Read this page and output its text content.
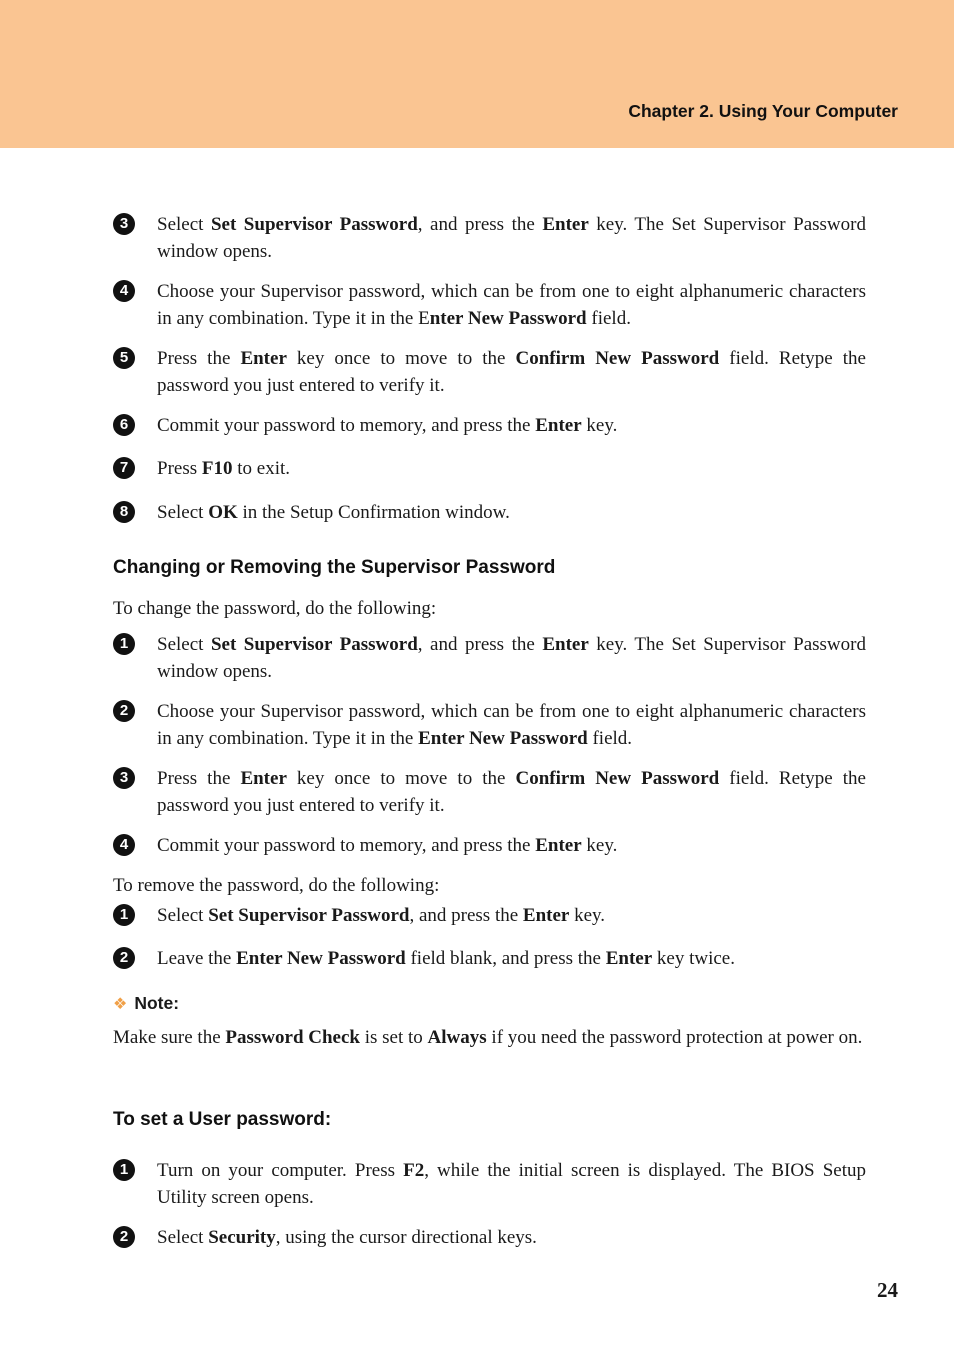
Chapter 2. Using Your Computer
3	Select Set Supervisor Password, and press the Enter key. The Set Supervisor Password window opens.
4	Choose your Supervisor password, which can be from one to eight alphanumeric characters in any combination. Type it in the Enter New Password field.
5	Press the Enter key once to move to the Confirm New Password field. Retype the password you just entered to verify it.
6	Commit your password to memory, and press the Enter key.
7	Press F10 to exit.
8	Select OK in the Setup Confirmation window.
Changing or Removing the Supervisor Password
To change the password, do the following:
1	Select Set Supervisor Password, and press the Enter key. The Set Supervisor Password window opens.
2	Choose your Supervisor password, which can be from one to eight alphanumeric characters in any combination. Type it in the Enter New Password field.
3	Press the Enter key once to move to the Confirm New Password field. Retype the password you just entered to verify it.
4	Commit your password to memory, and press the Enter key.
To remove the password, do the following:
1	Select Set Supervisor Password, and press the Enter key.
2	Leave the Enter New Password field blank, and press the Enter key twice.
❖ Note:
Make sure the Password Check is set to Always if you need the password protection at power on.
To set a User password:
1	Turn on your computer. Press F2, while the initial screen is displayed. The BIOS Setup Utility screen opens.
2	Select Security, using the cursor directional keys.
24
